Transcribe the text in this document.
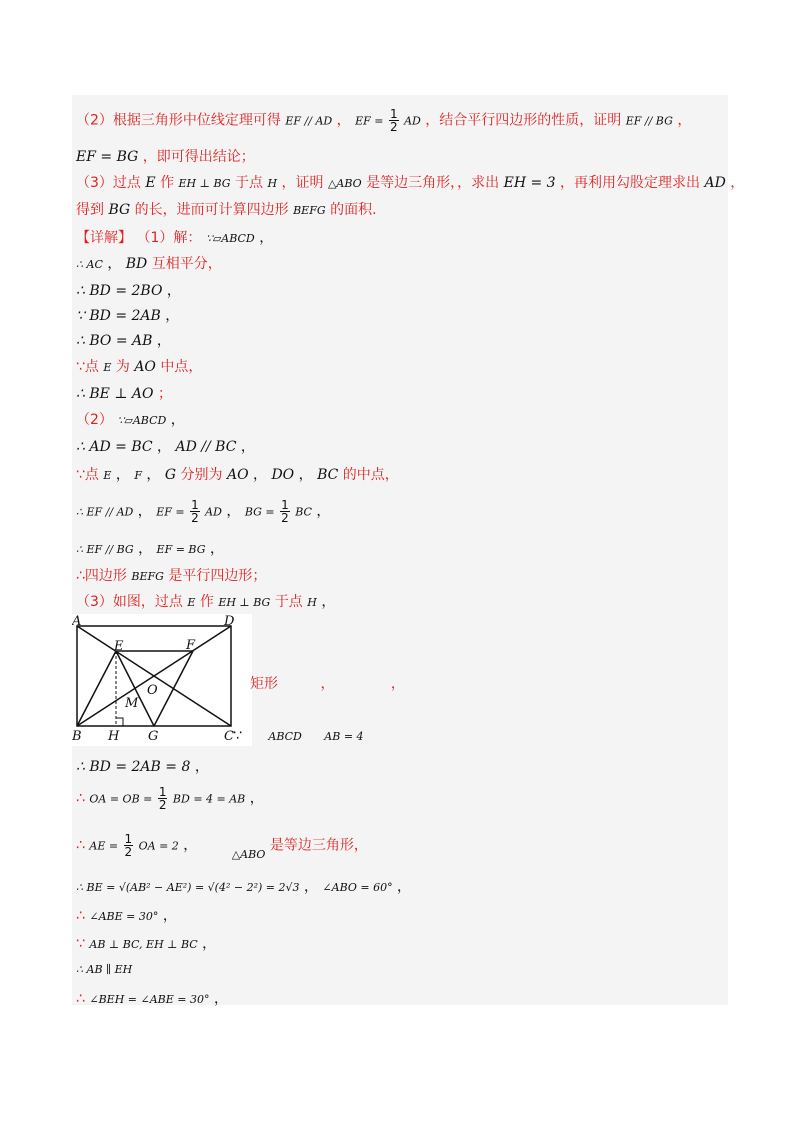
（2）根据三角形中位线定理可得 EF // AD ， EF = $\frac{1}{2}$ AD ，结合平行四边形的性质，证明 EF // BG ，
EF = BG ，即可得出结论；
（3）过点 E 作 EH ⊥ BG 于点 H ，证明 △ABO 是等边三角形，，求出 EH = 3 ，再利用勾股定理求出 AD ，
得到 BG 的长，进而可计算四边形 BEFG 的面积.
【详解】 （1）解： ∵▱ABCD ，
∴ AC ， BD 互相平分，
∴ BD = 2BO ，
∵ BD = 2AB ，
∴ BO = AB ，
∵点 E 为 AO 中点，
∴ BE ⊥ AO ；
（2） ∵▱ABCD ，
∴ AD = BC ， AD // BC ，
∵点 E ， F ， G 分别为 AO ， DO ， BC 的中点，
∴ EF // AD ， EF = $\frac{1}{2}$ AD ， BG = $\frac{1}{2}$ BC ，
∴ EF // BG ， EF = BG ，
∴四边形 BEFG 是平行四边形；
（3）如图，过点 E 作 EH ⊥ BG 于点 H ，
A	D
E	F
O
M
B H G	C
矩形	，	，
∵ ABCD AB = 4
∴ BD = 2AB = 8 ，
∴ OA = OB = $\frac{1}{2}$ BD = 4 = AB ，
∴ AE = $\frac{1}{2}$ OA = 2 ， $_{\triangle ABO}$ 是等边三角形，
∴ BE = √(AB² − AE²) = √(4² − 2²) = 2√3 ， ∠ABO = 60° ，
∴ ∠ABE = 30° ，
∵ AB ⊥ BC, EH ⊥ BC ，
∴ AB ∥ EH
∴ ∠BEH = ∠ABE = 30° ，
